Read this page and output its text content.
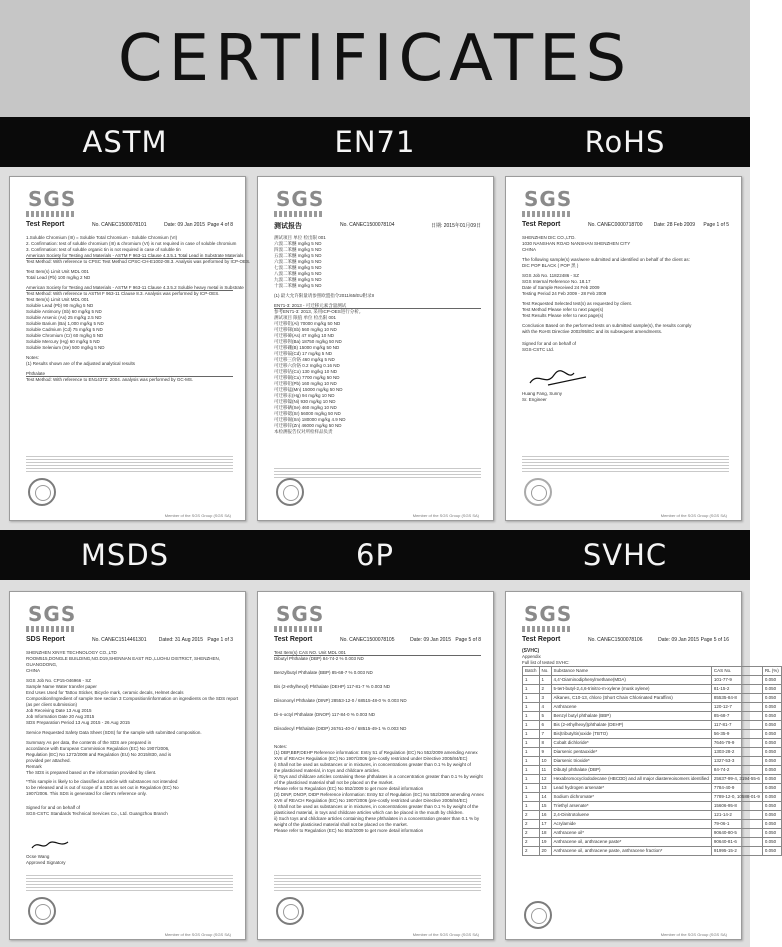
CERTIFICATES
ASTM	EN71	RoHS
SGS
Test Report	No. CANEC1500078101	Date: 09 Jan 2015 Page 4 of 8
1.Soluble Chromium (III) = Soluble Total Chromium - Soluble Chromium (VI)
2. Confirmation: test of soluble chromium (III) & chromium (VI) is not required in case of soluble chromium
3. Confirmation: test of soluble organic tin is not required in case of soluble tin
American Society for Testing and Materials - ASTM F 963-11 Clause 4.3.5.1 Total Lead in Substrate Materials
Test Method: With reference to CPSC Test Method CPSC-CH-E1002-08.3. Analysis was performed by ICP-OES.
Test Item(s) Limit Unit MDL 001
Total Lead (Pb) 100 mg/kg 2 ND
American Society for Testing and Materials - ASTM F 963-11 Clause 4.3.5.2 Soluble heavy metal in Substrate
Test Method: With reference to ASTM F 963-11 Clause 8.3. Analysis was performed by ICP-OES.
Test Item(s) Limit Unit MDL 001
Soluble Lead (Pb) 90 mg/kg 5 ND
Soluble Antimony (Sb) 60 mg/kg 5 ND
Soluble Arsenic (As) 25 mg/kg 2.5 ND
Soluble Barium (Ba) 1,000 mg/kg 5 ND
Soluble Cadmium (Cd) 75 mg/kg 5 ND
Soluble Chromium (Cr) 60 mg/kg 5 ND
Soluble Mercury (Hg) 60 mg/kg 5 ND
Soluble Selenium (Se) 500 mg/kg 5 ND
Notes:
(1) Results shown are of the adjusted analytical results
Phthalate
Test Method: With reference to EN14372: 2004. analysis was performed by GC-MS.
Member of the SGS Group (SGS SA)
SGS
测试报告	No. CANEC1500078104	日期: 2015年01月09日
测试项目 单位 检出限 001
六溴二苯醚 mg/kg 5 ND
四溴二苯醚 mg/kg 5 ND
五溴二苯醚 mg/kg 5 ND
六溴二苯醚 mg/kg 5 ND
七溴二苯醚 mg/kg 5 ND
八溴二苯醚 mg/kg 5 ND
九溴二苯醚 mg/kg 5 ND
十溴二苯醚 mg/kg 5 ND
(1) 最大允许限量请参照欧盟指令2011/65/EU附录II
EN71-3: 2013 - 可迁移元素含量测试
参考EN71-3: 2013, 采用ICP-OES进行分析。
测试项目 限值 单位 检出限 001
可迁移铝(Al) 70000 mg/kg 50 ND
可迁移锑(Sb) 560 mg/kg 10 ND
可迁移砷(As) 47 mg/kg 10 ND
可迁移钡(Ba) 18750 mg/kg 50 ND
可迁移硼(B) 15000 mg/kg 50 ND
可迁移镉(Cd) 17 mg/kg 5 ND
可迁移三价铬 460 mg/kg 5 ND
可迁移六价铬 0.2 mg/kg 0.16 ND
可迁移钴(Co) 130 mg/kg 10 ND
可迁移铜(Cu) 7700 mg/kg 50 ND
可迁移铅(Pb) 160 mg/kg 10 ND
可迁移锰(Mn) 15000 mg/kg 50 ND
可迁移汞(Hg) 94 mg/kg 10 ND
可迁移镍(Ni) 930 mg/kg 10 ND
可迁移硒(Se) 460 mg/kg 10 ND
可迁移锶(Sr) 56000 mg/kg 50 ND
可迁移锡(Sn) 180000 mg/kg 4.9 ND
可迁移锌(Zn) 46000 mg/kg 50 ND
本检测报告仅对所检样品负责
Member of the SGS Group (SGS SA)
SGS
Test Report	No. CANEC0000718700 Date: 28 Feb 2009 Page 1 of 5
SHENZHEN DIC CO.,LTD.
1030 NANSHAN ROAD NANSHAN SHENZHEN CITY
CHINA
The following sample(s) was/were submitted and identified on behalf of the client as:
DIC POP BLACK ( POP 黑 )
SGS Job No. 11822486 - SZ
SGS Internal Reference No. 18.17
Date of Sample Received 24 Feb 2009
Testing Period 24 Feb 2009 - 28 Feb 2009
Test Requested Selected test(s) as requested by client.
Test Method Please refer to next page(s)
Test Results Please refer to next page(s)
Conclusion Based on the performed tests on submitted sample(s), the results comply
with the RoHS Directive 2002/95/EC and its subsequent amendments.
Signed for and on behalf of
SGS-CSTC Ltd.
Huang Fang, Sunny
Sr. Engineer
Member of the SGS Group (SGS SA)
MSDS	6P	SVHC
SGS
SDS Report	No. CANEC1514461301 Dated: 31 Aug 2015 Page 1 of 3
SHENZHEN XINYE TECHNOLOGY CO.,LTD
ROOM515,DONGLE BUILDING,NO.D19,SHENNAN EAST RD.,LUOHU DISTRICT, SHENZHEN,
GUANGDONG,
CHINA
SGS Job No. CP15-046966 - SZ
Sample Name Water transfer paper
End Uses Used for Tattoo Sticker, Bicycle mark, ceramic decals, Helmet decals
Composition/Ingredient of sample See section 3 Composition/information on ingredients on the SDS report
(as per client submission)
Job Receiving Date 13 Aug 2015
Job Information Date 20 Aug 2015
SDS Preparation Period 13 Aug 2015 - 26 Aug 2015
Service Requested Safety Data Sheet (SDS) for the sample with submitted composition.
Summary As per data, the contents of the SDS are prepared in
accordance with European Commission Regulation (EC) No 1907/2006,
Regulation (EC) No 1272/2008 and Regulation (EU) No 2015/830, and is
provided per attached.
Remark
The SDS is prepared based on the information provided by client.
*This sample is likely to be classified as article with substances not intended
to be released and is out of scope of a SDS as set out in Regulation (EC) No
1907/2006. This SDS is generated for client's reference only.
Signed for and on behalf of
SGS-CSTC Standards Technical Services Co., Ltd. Guangzhou Branch
Ocse Wang
Approved Signatory
Member of the SGS Group (SGS SA)
SGS
Test Report	No. CANEC1500078105	Date: 09 Jan 2015 Page 5 of 8
Test Item(s) CAS NO. Unit MDL 001
Dibutyl Phthalate (DBP) 84-74-2 % 0.003 ND
Benzylbutyl Phthalate (BBP) 85-68-7 % 0.003 ND
Bis (2-ethylhexyl) Phthalate (DEHP) 117-81-7 % 0.003 ND
Diisononyl Phthalate (DINP) 28553-12-0 / 68515-48-0 % 0.003 ND
Di-n-octyl Phthalate (DNOP) 117-84-0 % 0.003 ND
Diisodecyl Phthalate (DIDP) 26761-40-0 / 68515-49-1 % 0.003 ND
Notes:
(1) DBP,BBP,DEHP Reference information: Entry 51 of Regulation (EC) No 552/2009 amending Annex
XVII of REACH Regulation (EC) No 1907/2006 (pre-costly restricted under Directive 2005/84/EC)
i) Shall not be used as substances or in mixtures, in concentrations greater than 0.1 % by weight of
the plasticised material, in toys and childcare articles.
ii) Toys and childcare articles containing these phthalates in a concentration greater than 0.1 % by weight
of the plasticised material shall not be placed on the market.
Please refer to Regulation (EC) No 552/2009 to get more detail information
(2) DINP, DNOP, DIDP Reference information: Entry 52 of Regulation (EC) No 552/2009 amending Annex
XVII of REACH Regulation (EC) No 1907/2006 (pre-costly restricted under Directive 2005/84/EC)
i) Shall not be used as substances or in mixtures, in concentrations greater than 0.1 % by weight of the
plasticised material, in toys and childcare articles which can be placed in the mouth by children.
ii) Such toys and childcare articles containing these phthalates in a concentration greater than 0.1 % by
weight of the plasticised material shall not be placed on the market.
Please refer to Regulation (EC) No 552/2009 to get more detail information
Member of the SGS Group (SGS SA)
SGS
Test Report	No. CANEC1500078106	Date: 09 Jan 2015 Page 5 of 16
(SVHC)
Appendix
Full list of tested SVHC:
Batch	No.	Substance Name	CAS No.	RL (%)
1	1	4,4'-Diaminodiphenylmethane(MDA)	101-77-9	0.050
1	2	5-tert-butyl-2,4,6-trinitro-m-xylene (musk xylene)	81-15-2	0.050
1	3	Alkanes, C10-13, chloro (Short Chain Chlorinated Paraffins)	85535-84-8	0.050
1	4	Anthracene	120-12-7	0.050
1	5	Benzyl butyl phthalate (BBP)	85-68-7	0.050
1	6	Bis (2-ethylhexyl)phthalate (DEHP)	117-81-7	0.050
1	7	Bis(tributyltin)oxide (TBTO)	56-35-9	0.050
1	8	Cobalt dichloride*	7646-79-9	0.050
1	9	Diarsenic pentaoxide*	1303-28-2	0.050
1	10	Diarsenic trioxide*	1327-53-3	0.050
1	11	Dibutyl phthalate (DBP)	84-74-2	0.050
1	12	Hexabromocyclododecane (HBCDD) and all major diastereoisomers identified	25637-99-4, 3194-55-6	0.050
1	13	Lead hydrogen arsenate*	7784-40-9	0.050
1	14	Sodium dichromate*	7789-12-0, 10588-01-9	0.050
1	15	Triethyl arsenate*	15606-95-8	0.050
2	16	2,4-Dinitrotoluene	121-14-2	0.050
2	17	Acrylamide	79-06-1	0.050
2	18	Anthracene oil*	90640-80-5	0.050
2	19	Anthracene oil, anthracene paste*	90640-81-6	0.050
2	20	Anthracene oil, anthracene paste, anthracene fraction*	91995-15-2	0.050
Member of the SGS Group (SGS SA)
